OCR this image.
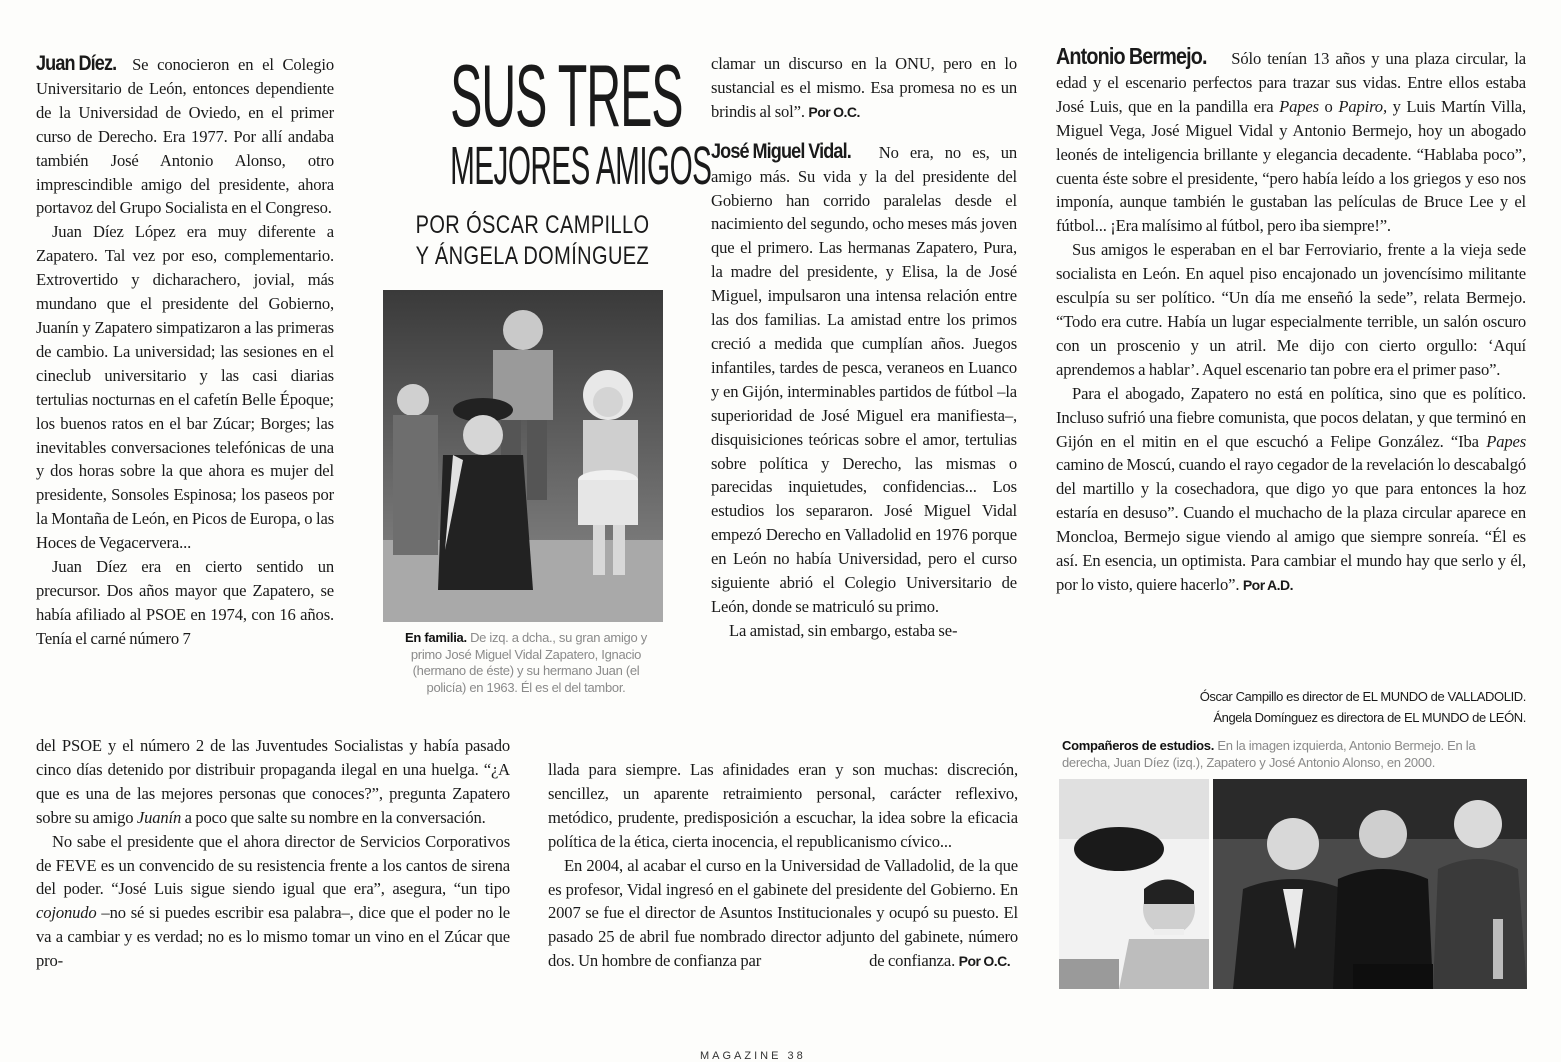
Juan Díez. Se conocieron en el Colegio Universitario de León, entonces dependiente de la Universidad de Oviedo, en el primer curso de Derecho. Era 1977. Por allí andaba también José Antonio Alonso, otro imprescindible amigo del presidente, ahora portavoz del Grupo Socialista en el Congreso.

Juan Díez López era muy diferente a Zapatero. Tal vez por eso, complementario. Extrovertido y dicharachero, jovial, más mundano que el presidente del Gobierno, Juanín y Zapatero simpatizaron a las primeras de cambio. La universidad; las sesiones en el cineclub universitario y las casi diarias tertulias nocturnas en el cafetín Belle Époque; los buenos ratos en el bar Zúcar; Borges; las inevitables conversaciones telefónicas de una y dos horas sobre la que ahora es mujer del presidente, Sonsoles Espinosa; los paseos por la Montaña de León, en Picos de Europa, o las Hoces de Vegacervera...

Juan Díez era en cierto sentido un precursor. Dos años mayor que Zapatero, se había afiliado al PSOE en 1974, con 16 años. Tenía el carné número 7

del PSOE y el número 2 de las Juventudes Socialistas y había pasado cinco días detenido por distribuir propaganda ilegal en una huelga. “¿A que es una de las mejores personas que conoces?”, pregunta Zapatero sobre su amigo Juanín a poco que salte su nombre en la conversación.

No sabe el presidente que el ahora director de Servicios Corporativos de FEVE es un convencido de su resistencia frente a los cantos de sirena del poder. “José Luis sigue siendo igual que era”, asegura, “un tipo cojonudo –no sé si puedes escribir esa palabra–, dice que el poder no le va a cambiar y es verdad; no es lo mismo tomar un vino en el Zúcar que pro-

SUS TRES
MEJORES AMIGOS
POR ÓSCAR CAMPILLO
Y ÁNGELA DOMÍNGUEZ
En familia. De izq. a dcha., su gran amigo y primo José Miguel Vidal Zapatero, Ignacio (hermano de éste) y su hermano Juan (el policía) en 1963. Él es el del tambor.

clamar un discurso en la ONU, pero en lo sustancial es el mismo. Esa promesa no es un brindis al sol”. Por O.C.

José Miguel Vidal. No era, no es, un amigo más. Su vida y la del presidente del Gobierno han corrido paralelas desde el nacimiento del segundo, ocho meses más joven que el primero. Las hermanas Zapatero, Pura, la madre del presidente, y Elisa, la de José Miguel, impulsaron una intensa relación entre las dos familias. La amistad entre los primos creció a medida que cumplían años. Juegos infantiles, tardes de pesca, veraneos en Luanco y en Gijón, interminables partidos de fútbol –la superioridad de José Miguel era manifiesta–, disquisiciones teóricas sobre el amor, tertulias sobre política y Derecho, las mismas o parecidas inquietudes, confidencias... Los estudios los separaron. José Miguel Vidal empezó Derecho en Valladolid en 1976 porque en León no había Universidad, pero el curso siguiente abrió el Colegio Universitario de León, donde se matriculó su primo.

La amistad, sin embargo, estaba se-

llada para siempre. Las afinidades eran y son muchas: discreción, sencillez, un aparente retraimiento personal, carácter reflexivo, metódico, prudente, predisposición a escuchar, la idea sobre la eficacia política de la ética, cierta inocencia, el republicanismo cívico...

En 2004, al acabar el curso en la Universidad de Valladolid, de la que es profesor, Vidal ingresó en el gabinete del presidente del Gobierno. En 2007 se fue el director de Asuntos Institucionales y ocupó su puesto. El pasado 25 de abril fue nombrado director adjunto del gabinete, número dos. Un hombre de confianza par	de confianza. Por O.C.

Antonio Bermejo. Sólo tenían 13 años y una plaza circular, la edad y el escenario perfectos para trazar sus vidas. Entre ellos estaba José Luis, que en la pandilla era Papes o Papiro, y Luis Martín Villa, Miguel Vega, José Miguel Vidal y Antonio Bermejo, hoy un abogado leonés de inteligencia brillante y elegancia decadente. “Hablaba poco”, cuenta éste sobre el presidente, “pero había leído a los griegos y eso nos imponía, aunque también le gustaban las películas de Bruce Lee y el fútbol... ¡Era malísimo al fútbol, pero iba siempre!”.

Sus amigos le esperaban en el bar Ferroviario, frente a la vieja sede socialista en León. En aquel piso encajonado un jovencísimo militante esculpía su ser político. “Un día me enseñó la sede”, relata Bermejo. “Todo era cutre. Había un lugar especialmente terrible, un salón oscuro con un proscenio y un atril. Me dijo con cierto orgullo: ‘Aquí aprendemos a hablar’. Aquel escenario tan pobre era el primer paso”.

Para el abogado, Zapatero no está en política, sino que es político. Incluso sufrió una fiebre comunista, que pocos delatan, y que terminó en Gijón en el mitin en el que escuchó a Felipe González. “Iba Papes camino de Moscú, cuando el rayo cegador de la revelación lo descabalgó del martillo y la cosechadora, que digo yo que para entonces la hoz estaría en desuso”. Cuando el muchacho de la plaza circular aparece en Moncloa, Bermejo sigue viendo al amigo que siempre sonreía. “Él es así. En esencia, un optimista. Para cambiar el mundo hay que serlo y él, por lo visto, quiere hacerlo”. Por A.D.

Óscar Campillo es director de EL MUNDO de VALLADOLID.
Ángela Domínguez es directora de EL MUNDO de LEÓN.
Compañeros de estudios. En la imagen izquierda, Antonio Bermejo. En la derecha, Juan Díez (izq.), Zapatero y José Antonio Alonso, en 2000.
MAGAZINE 38
